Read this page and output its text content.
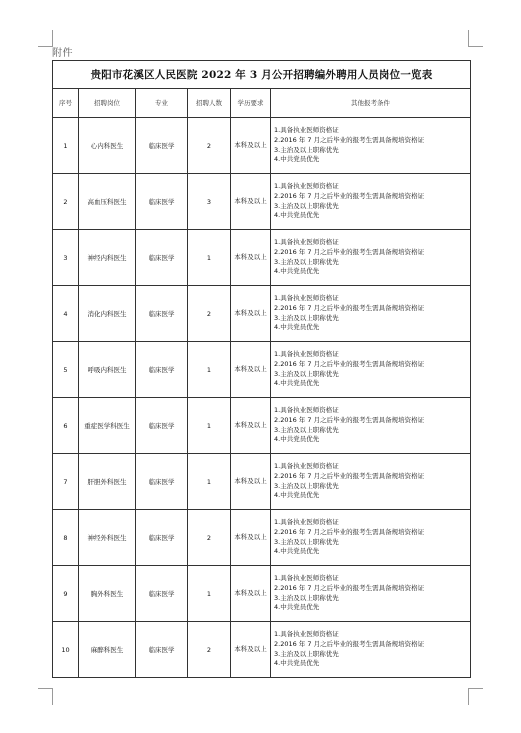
附件
贵阳市花溪区人民医院 2022 年 3 月公开招聘编外聘用人员岗位一览表					
序号	招聘岗位	专业	招聘人数	学历要求	其他报考条件
1	心内科医生	临床医学	2	本科及以上	1.具备执业医师资格证
2.2016 年 7 月之后毕业的报考生需具备规培资格证
3.主治及以上职称优先
4.中共党员优先

2	高血压科医生	临床医学	3	本科及以上	1.具备执业医师资格证
2.2016 年 7 月之后毕业的报考生需具备规培资格证
3.主治及以上职称优先
4.中共党员优先

3	神经内科医生	临床医学	1	本科及以上	1.具备执业医师资格证
2.2016 年 7 月之后毕业的报考生需具备规培资格证
3.主治及以上职称优先
4.中共党员优先

4	消化内科医生	临床医学	2	本科及以上	1.具备执业医师资格证
2.2016 年 7 月之后毕业的报考生需具备规培资格证
3.主治及以上职称优先
4.中共党员优先

5	呼吸内科医生	临床医学	1	本科及以上	1.具备执业医师资格证
2.2016 年 7 月之后毕业的报考生需具备规培资格证
3.主治及以上职称优先
4.中共党员优先

6	重症医学科医生	临床医学	1	本科及以上	1.具备执业医师资格证
2.2016 年 7 月之后毕业的报考生需具备规培资格证
3.主治及以上职称优先
4.中共党员优先

7	肝胆外科医生	临床医学	1	本科及以上	1.具备执业医师资格证
2.2016 年 7 月之后毕业的报考生需具备规培资格证
3.主治及以上职称优先
4.中共党员优先

8	神经外科医生	临床医学	2	本科及以上	1.具备执业医师资格证
2.2016 年 7 月之后毕业的报考生需具备规培资格证
3.主治及以上职称优先
4.中共党员优先

9	胸外科医生	临床医学	1	本科及以上	1.具备执业医师资格证
2.2016 年 7 月之后毕业的报考生需具备规培资格证
3.主治及以上职称优先
4.中共党员优先

10	麻醉科医生	临床医学	2	本科及以上	1.具备执业医师资格证
2.2016 年 7 月之后毕业的报考生需具备规培资格证
3.主治及以上职称优先
4.中共党员优先
